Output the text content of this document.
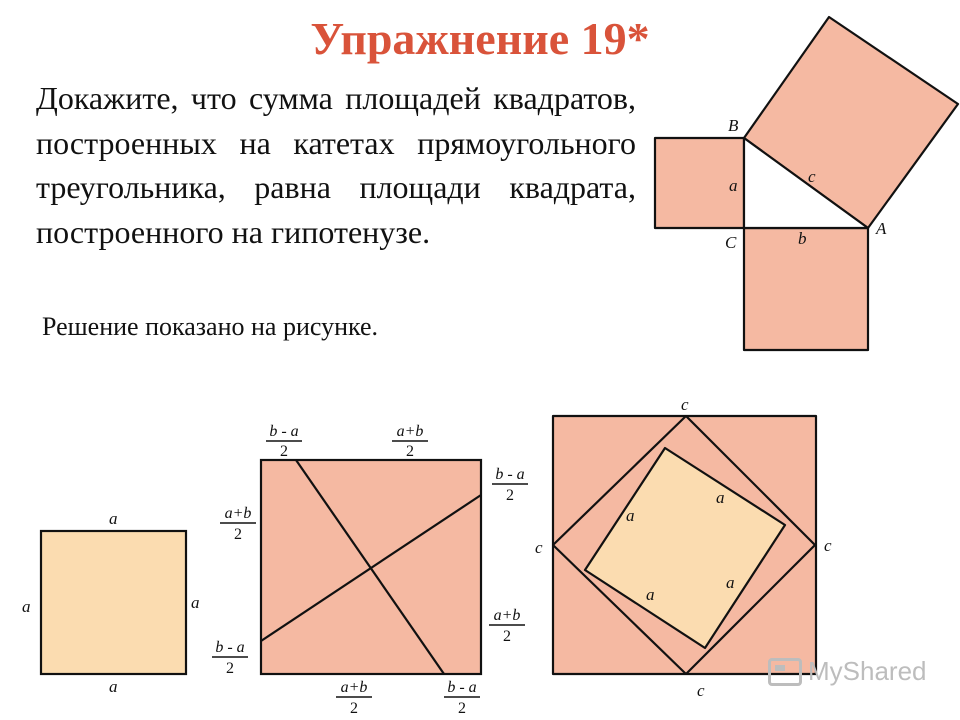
Упражнение 19*

Докажите, что сумма площадей квадратов, построенных на катетах прямоугольного треугольника, равна площади квадрата, построенного на гипотенузе.

Решение показано на рисунке.

B
A
C
a
b
c
a
a	a
a
b - a
2
a+b
2
b - a
2
a+b
2
a+b
2
b - a
2
a+b
2
b - a
2
c
c	c
c
a
a
a
a
MyShared
